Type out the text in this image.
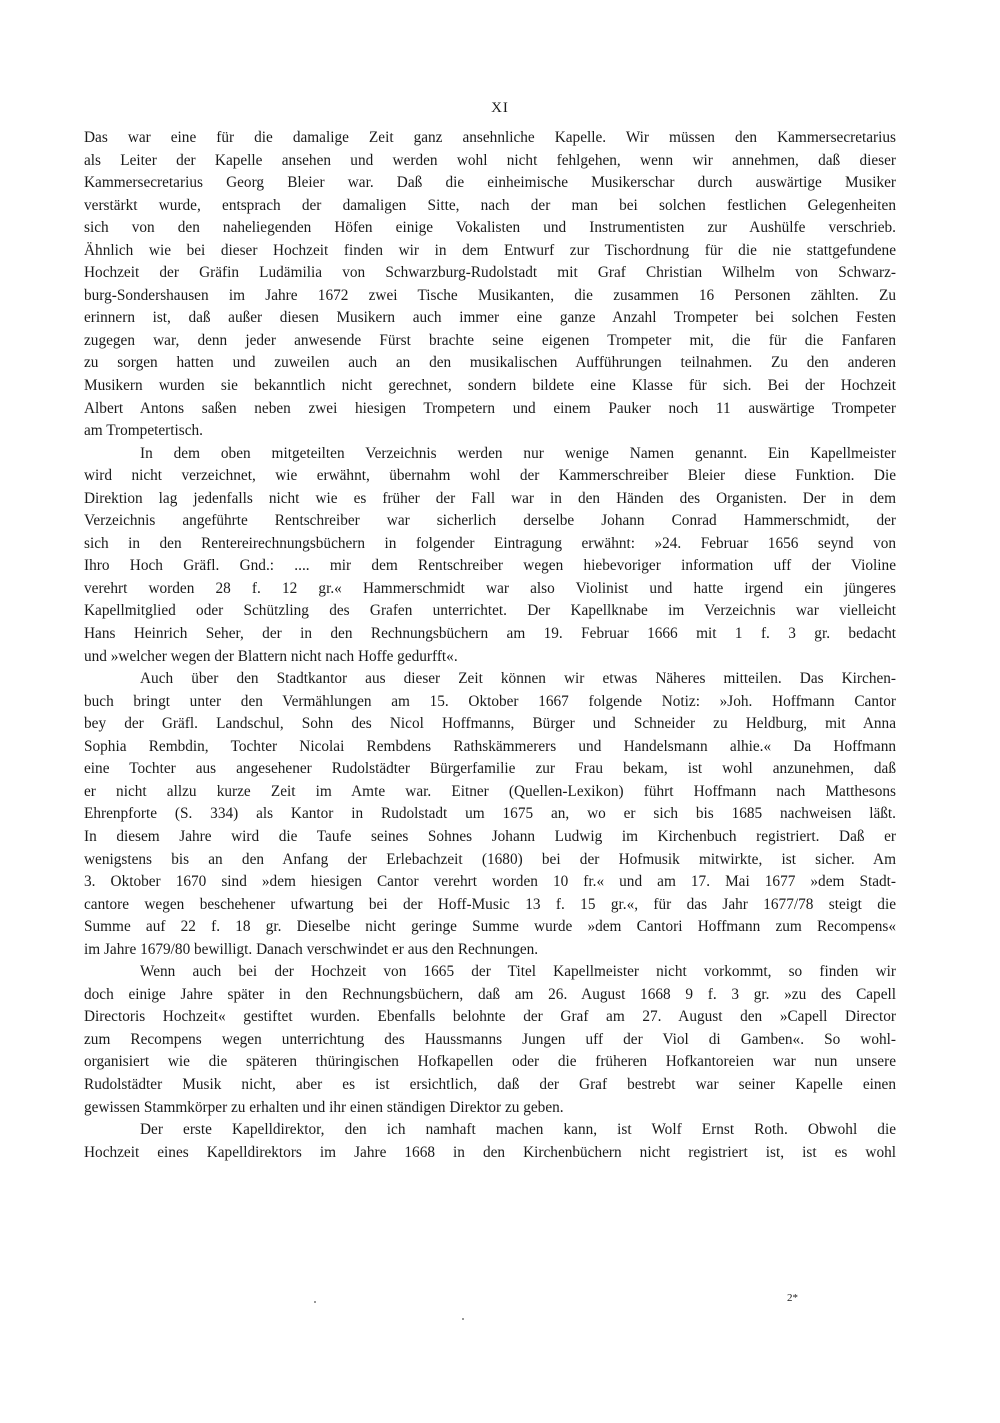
XI
Das war eine für die damalige Zeit ganz ansehnliche Kapelle. Wir müssen den Kammersecretarius
als Leiter der Kapelle ansehen und werden wohl nicht fehlgehen, wenn wir annehmen, daß dieser
Kammersecretarius Georg Bleier war. Daß die einheimische Musikerschar durch auswärtige Musiker
verstärkt wurde, entsprach der damaligen Sitte, nach der man bei solchen festlichen Gelegenheiten
sich von den naheliegenden Höfen einige Vokalisten und Instrumentisten zur Aushülfe verschrieb.
Ähnlich wie bei dieser Hochzeit finden wir in dem Entwurf zur Tischordnung für die nie stattgefundene
Hochzeit der Gräfin Ludämilia von Schwarzburg-Rudolstadt mit Graf Christian Wilhelm von Schwarz-
burg-Sondershausen im Jahre 1672 zwei Tische Musikanten, die zusammen 16 Personen zählten. Zu
erinnern ist, daß außer diesen Musikern auch immer eine ganze Anzahl Trompeter bei solchen Festen
zugegen war, denn jeder anwesende Fürst brachte seine eigenen Trompeter mit, die für die Fanfaren
zu sorgen hatten und zuweilen auch an den musikalischen Aufführungen teilnahmen. Zu den anderen
Musikern wurden sie bekanntlich nicht gerechnet, sondern bildete eine Klasse für sich. Bei der Hochzeit
Albert Antons saßen neben zwei hiesigen Trompetern und einem Pauker noch 11 auswärtige Trompeter
am Trompetertisch.
In dem oben mitgeteilten Verzeichnis werden nur wenige Namen genannt. Ein Kapellmeister
wird nicht verzeichnet, wie erwähnt, übernahm wohl der Kammerschreiber Bleier diese Funktion. Die
Direktion lag jedenfalls nicht wie es früher der Fall war in den Händen des Organisten. Der in dem
Verzeichnis angeführte Rentschreiber war sicherlich derselbe Johann Conrad Hammerschmidt, der
sich in den Rentereirechnungsbüchern in folgender Eintragung erwähnt: »24. Februar 1656 seynd von
Ihro Hoch Gräfl. Gnd.: .... mir dem Rentschreiber wegen hiebevoriger information uff der Violine
verehrt worden 28 f. 12 gr.« Hammerschmidt war also Violinist und hatte irgend ein jüngeres
Kapellmitglied oder Schützling des Grafen unterrichtet. Der Kapellknabe im Verzeichnis war vielleicht
Hans Heinrich Seher, der in den Rechnungsbüchern am 19. Februar 1666 mit 1 f. 3 gr. bedacht
und »welcher wegen der Blattern nicht nach Hoffe gedurfft«.
Auch über den Stadtkantor aus dieser Zeit können wir etwas Näheres mitteilen. Das Kirchen-
buch bringt unter den Vermählungen am 15. Oktober 1667 folgende Notiz: »Joh. Hoffmann Cantor
bey der Gräfl. Landschul, Sohn des Nicol Hoffmanns, Bürger und Schneider zu Heldburg, mit Anna
Sophia Rembdin, Tochter Nicolai Rembdens Rathskämmerers und Handelsmann alhie.« Da Hoffmann
eine Tochter aus angesehener Rudolstädter Bürgerfamilie zur Frau bekam, ist wohl anzunehmen, daß
er nicht allzu kurze Zeit im Amte war. Eitner (Quellen-Lexikon) führt Hoffmann nach Matthesons
Ehrenpforte (S. 334) als Kantor in Rudolstadt um 1675 an, wo er sich bis 1685 nachweisen läßt.
In diesem Jahre wird die Taufe seines Sohnes Johann Ludwig im Kirchenbuch registriert. Daß er
wenigstens bis an den Anfang der Erlebachzeit (1680) bei der Hofmusik mitwirkte, ist sicher. Am
3. Oktober 1670 sind »dem hiesigen Cantor verehrt worden 10 fr.« und am 17. Mai 1677 »dem Stadt-
cantore wegen beschehener ufwartung bei der Hoff-Music 13 f. 15 gr.«, für das Jahr 1677/78 steigt die
Summe auf 22 f. 18 gr. Dieselbe nicht geringe Summe wurde »dem Cantori Hoffmann zum Recompens«
im Jahre 1679/80 bewilligt. Danach verschwindet er aus den Rechnungen.
Wenn auch bei der Hochzeit von 1665 der Titel Kapellmeister nicht vorkommt, so finden wir
doch einige Jahre später in den Rechnungsbüchern, daß am 26. August 1668 9 f. 3 gr. »zu des Capell
Directoris Hochzeit« gestiftet wurden. Ebenfalls belohnte der Graf am 27. August den »Capell Director
zum Recompens wegen unterrichtung des Haussmanns Jungen uff der Viol di Gamben«. So wohl-
organisiert wie die späteren thüringischen Hofkapellen oder die früheren Hofkantoreien war nun unsere
Rudolstädter Musik nicht, aber es ist ersichtlich, daß der Graf bestrebt war seiner Kapelle einen
gewissen Stammkörper zu erhalten und ihr einen ständigen Direktor zu geben.
Der erste Kapelldirektor, den ich namhaft machen kann, ist Wolf Ernst Roth. Obwohl die
Hochzeit eines Kapelldirektors im Jahre 1668 in den Kirchenbüchern nicht registriert ist, ist es wohl
2*
